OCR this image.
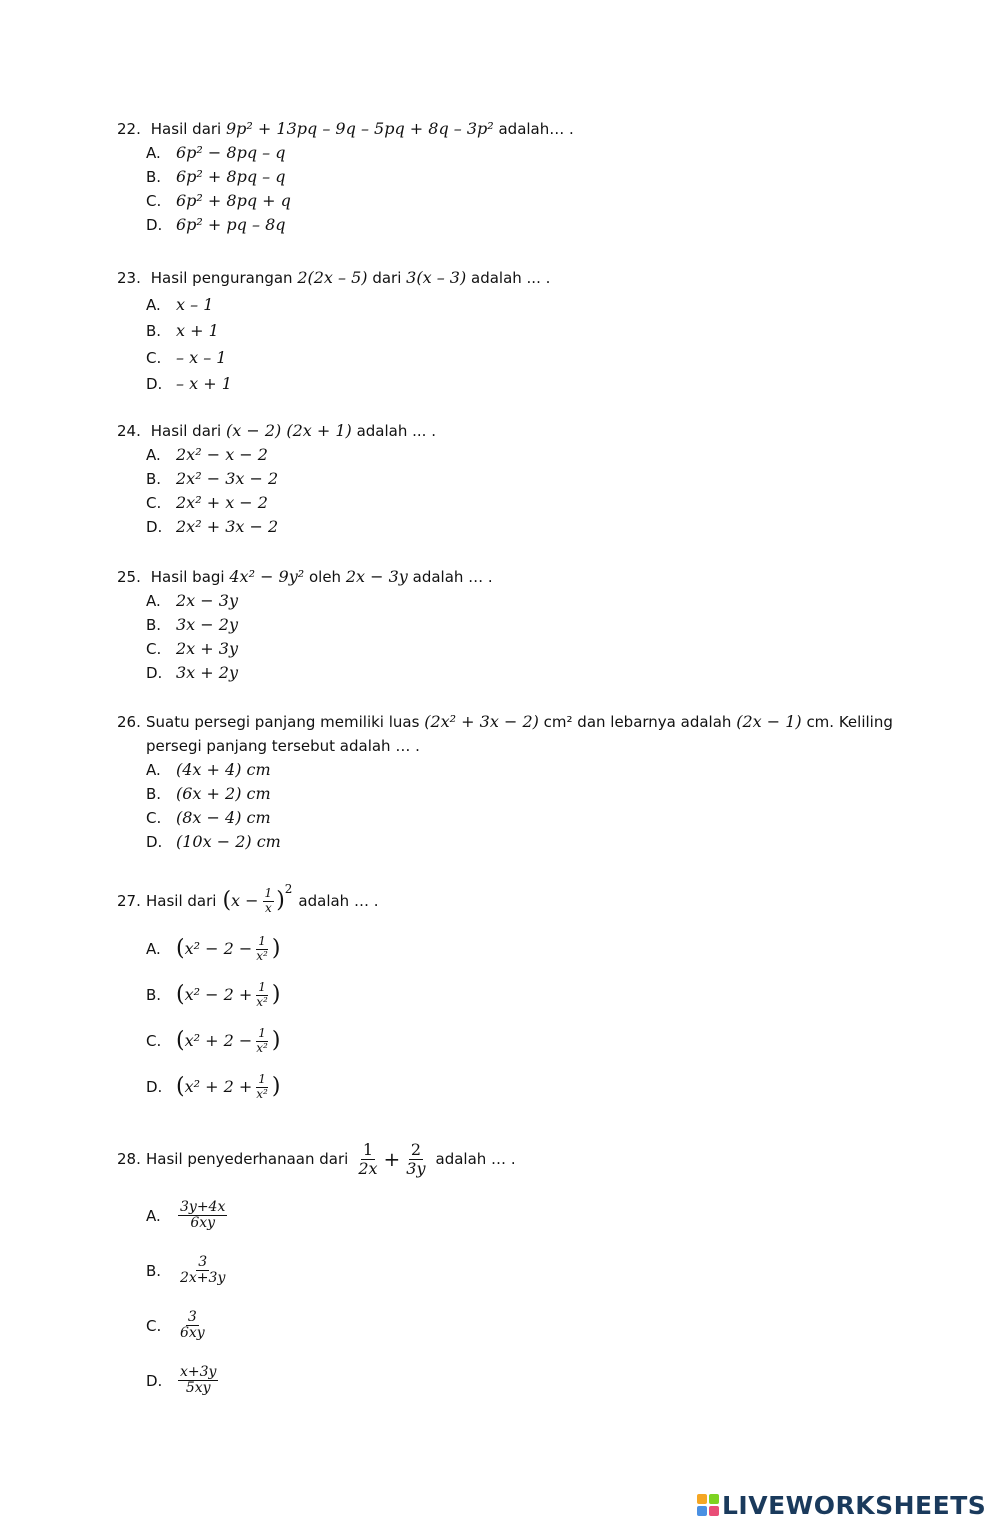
22. Hasil dari 9p² + 13pq – 9q – 5pq + 8q – 3p² adalah… .
A. 6p² − 8pq – q
B. 6p² + 8pq – q
C. 6p² + 8pq + q
D. 6p² + pq – 8q
23. Hasil pengurangan 2(2x – 5) dari 3(x – 3) adalah ... .
A. x – 1
B. x + 1
C. – x – 1
D. – x + 1
24. Hasil dari (x − 2) (2x + 1) adalah ... .
A. 2x² − x − 2
B. 2x² − 3x − 2
C. 2x² + x − 2
D. 2x² + 3x − 2
25. Hasil bagi 4x² − 9y² oleh 2x − 3y adalah … .
A. 2x − 3y
B. 3x − 2y
C. 2x + 3y
D. 3x + 2y
26. Suatu persegi panjang memiliki luas (2x² + 3x − 2) cm² dan lebarnya adalah (2x − 1) cm. Keliling persegi panjang tersebut adalah … .
A. (4x + 4) cm
B. (6x + 2) cm
C. (8x − 4) cm
D. (10x − 2) cm
27. Hasil dari ( $x - \frac{1}{x}$ ) 2
adalah … .
A. ( $x^2 - 2 - \frac{1}{\text{x²}}$ )
B. ( $x^2 - 2 + \frac{1}{\text{x²}}$ )
C. ( $x^2 + 2 - \frac{1}{\text{x²}}$ )
D. ( $x^2 + 2 + \frac{1}{\text{x²}}$ )
28. Hasil penyederhanaan dari $\frac{1}{2x} + \frac{2}{3y}$ adalah … .
A.	$\frac{3y+4x}{6xy}$
B.	$\frac{3}{2x+3y}$
C.	$\frac{3}{6xy}$
D.	$\frac{x+3y}{5xy}$
LIVEWORKSHEETS
